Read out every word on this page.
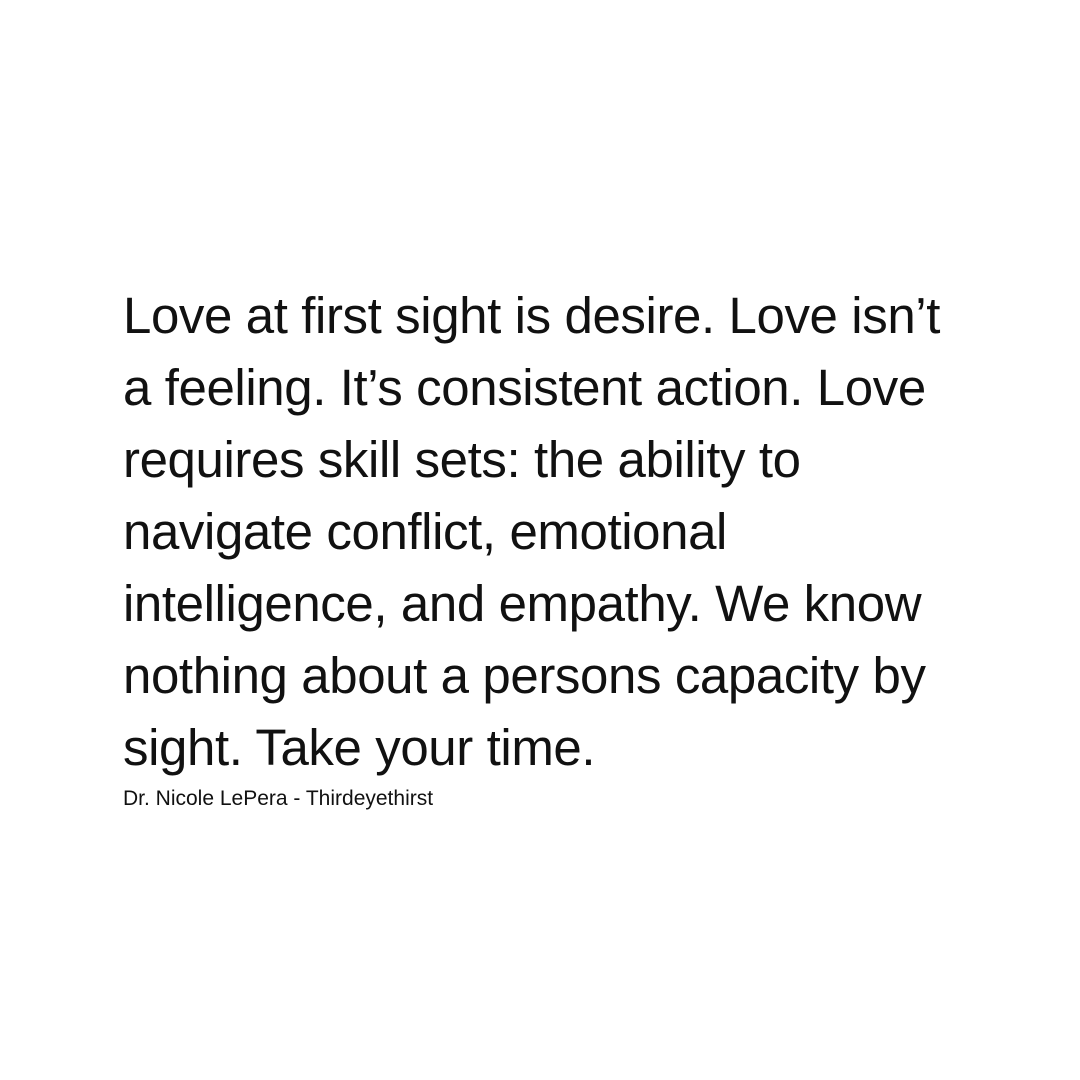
Love at first sight is desire. Love isn’t
a feeling. It’s consistent action. Love
requires skill sets: the ability to
navigate conflict, emotional
intelligence, and empathy. We know
nothing about a persons capacity by
sight. Take your time.
Dr. Nicole LePera - Thirdeyethirst
